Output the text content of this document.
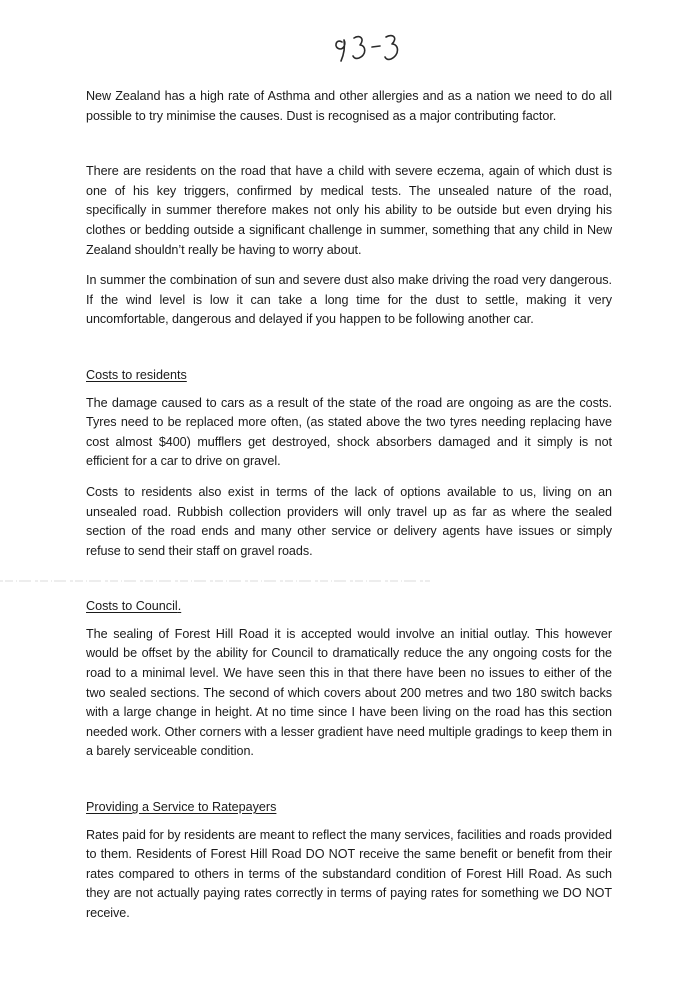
New Zealand has a high rate of Asthma and other allergies and as a nation we need to do all possible to try minimise the causes. Dust is recognised as a major contributing factor.

There are residents on the road that have a child with severe eczema, again of which dust is one of his key triggers, confirmed by medical tests. The unsealed nature of the road, specifically in summer therefore makes not only his ability to be outside but even drying his clothes or bedding outside a significant challenge in summer, something that any child in New Zealand shouldn’t really be having to worry about.

In summer the combination of sun and severe dust also make driving the road very dangerous. If the wind level is low it can take a long time for the dust to settle, making it very uncomfortable, dangerous and delayed if you happen to be following another car.

Costs to residents

The damage caused to cars as a result of the state of the road are ongoing as are the costs. Tyres need to be replaced more often, (as stated above the two tyres needing replacing have cost almost $400) mufflers get destroyed, shock absorbers damaged and it simply is not efficient for a car to drive on gravel.

Costs to residents also exist in terms of the lack of options available to us, living on an unsealed road. Rubbish collection providers will only travel up as far as where the sealed section of the road ends and many other service or delivery agents have issues or simply refuse to send their staff on gravel roads.

Costs to Council.

The sealing of Forest Hill Road it is accepted would involve an initial outlay. This however would be offset by the ability for Council to dramatically reduce the any ongoing costs for the road to a minimal level. We have seen this in that there have been no issues to either of the two sealed sections. The second of which covers about 200 metres and two 180 switch backs with a large change in height. At no time since I have been living on the road has this section needed work. Other corners with a lesser gradient have need multiple gradings to keep them in a barely serviceable condition.

Providing a Service to Ratepayers

Rates paid for by residents are meant to reflect the many services, facilities and roads provided to them. Residents of Forest Hill Road DO NOT receive the same benefit or benefit from their rates compared to others in terms of the substandard condition of Forest Hill Road. As such they are not actually paying rates correctly in terms of paying rates for something we DO NOT receive.
